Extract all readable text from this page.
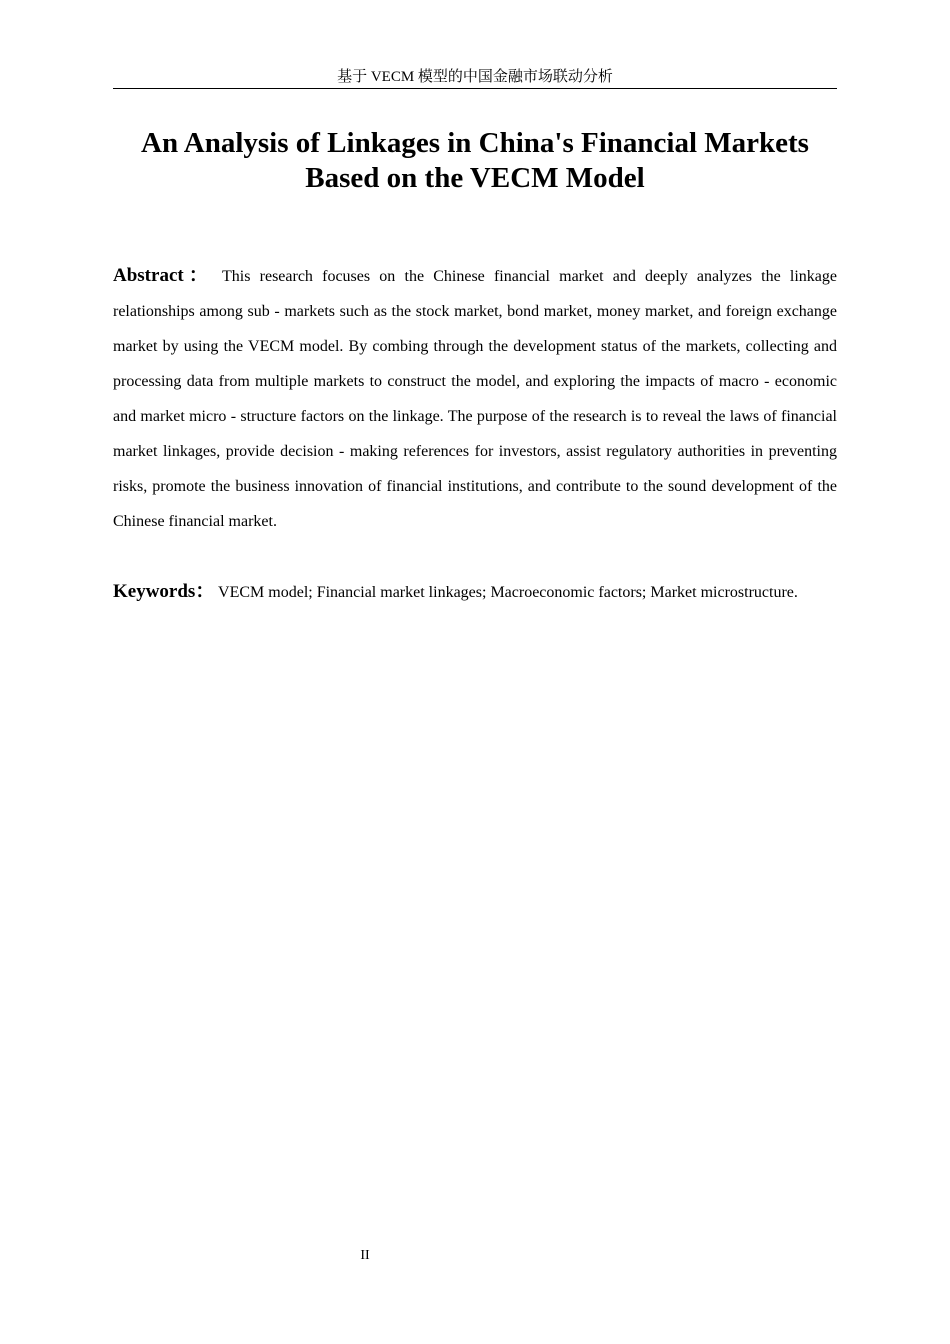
基于 VECM 模型的中国金融市场联动分析
An Analysis of Linkages in China's Financial Markets
Based on the VECM Model

Abstract： This research focuses on the Chinese financial market and deeply analyzes the linkage relationships among sub - markets such as the stock market, bond market, money market, and foreign exchange market by using the VECM model. By combing through the development status of the markets, collecting and processing data from multiple markets to construct the model, and exploring the impacts of macro - economic and market micro - structure factors on the linkage. The purpose of the research is to reveal the laws of financial market linkages, provide decision - making references for investors, assist regulatory authorities in preventing risks, promote the business innovation of financial institutions, and contribute to the sound development of the Chinese financial market.

Keywords： VECM model; Financial market linkages; Macroeconomic factors; Market microstructure.

II
